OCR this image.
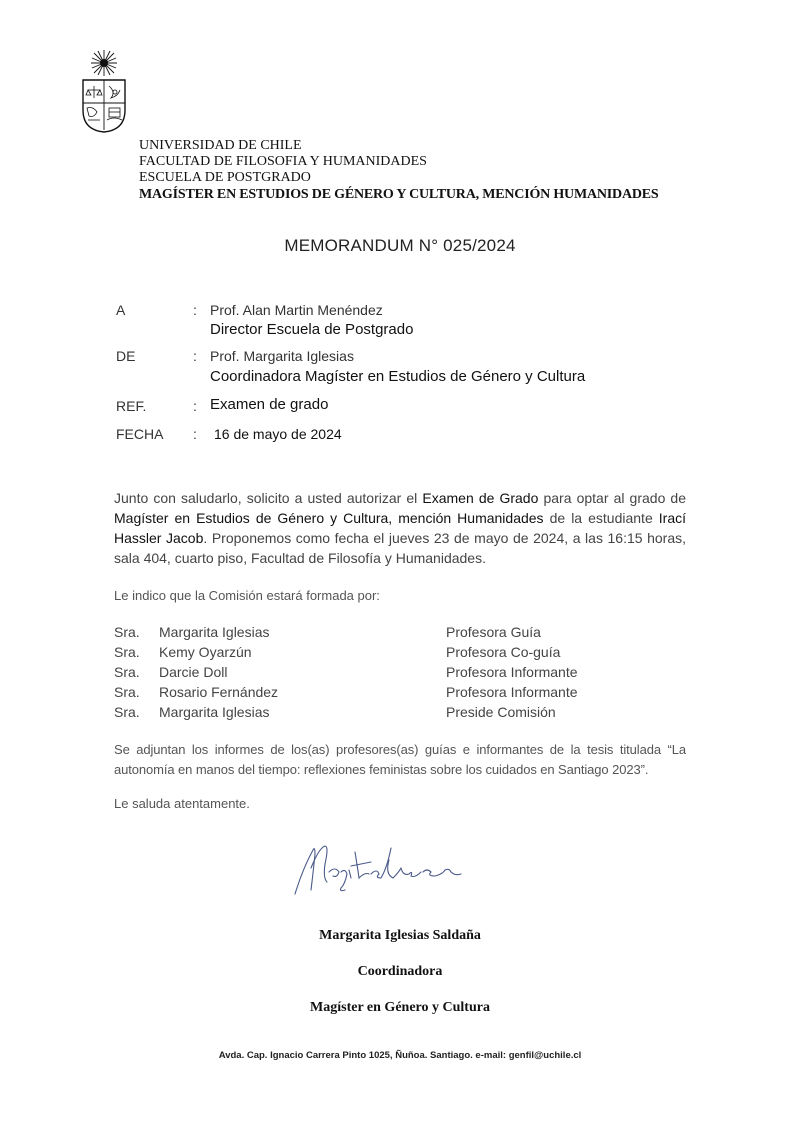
UNIVERSIDAD DE CHILE
FACULTAD DE FILOSOFIA Y HUMANIDADES
ESCUELA DE POSTGRADO
MAGÍSTER EN ESTUDIOS DE GÉNERO Y CULTURA, MENCIÓN HUMANIDADES
MEMORANDUM N° 025/2024
A	: Prof. Alan Martin Menéndez
Director Escuela de Postgrado
DE	: Prof. Margarita Iglesias
Coordinadora Magíster en Estudios de Género y Cultura
REF.	: Examen de grado
FECHA : 16 de mayo de 2024
Junto con saludarlo, solicito a usted autorizar el Examen de Grado para optar al grado de Magíster en Estudios de Género y Cultura, mención Humanidades de la estudiante Irací Hassler Jacob. Proponemos como fecha el jueves 23 de mayo de 2024, a las 16:15 horas, sala 404, cuarto piso, Facultad de Filosofía y Humanidades.
Le indico que la Comisión estará formada por:
Sra. Margarita Iglesias	Profesora Guía
Sra. Kemy Oyarzún	Profesora Co-guía
Sra. Darcie Doll	Profesora Informante
Sra. Rosario Fernández	Profesora Informante
Sra. Margarita Iglesias	Preside Comisión
Se adjuntan los informes de los(as) profesores(as) guías e informantes de la tesis titulada “La autonomía en manos del tiempo: reflexiones feministas sobre los cuidados en Santiago 2023”.
Le saluda atentamente.
Margarita Iglesias Saldaña
Coordinadora
Magíster en Género y Cultura
Avda. Cap. Ignacio Carrera Pinto 1025, Ñuñoa. Santiago. e-mail: genfil@uchile.cl
